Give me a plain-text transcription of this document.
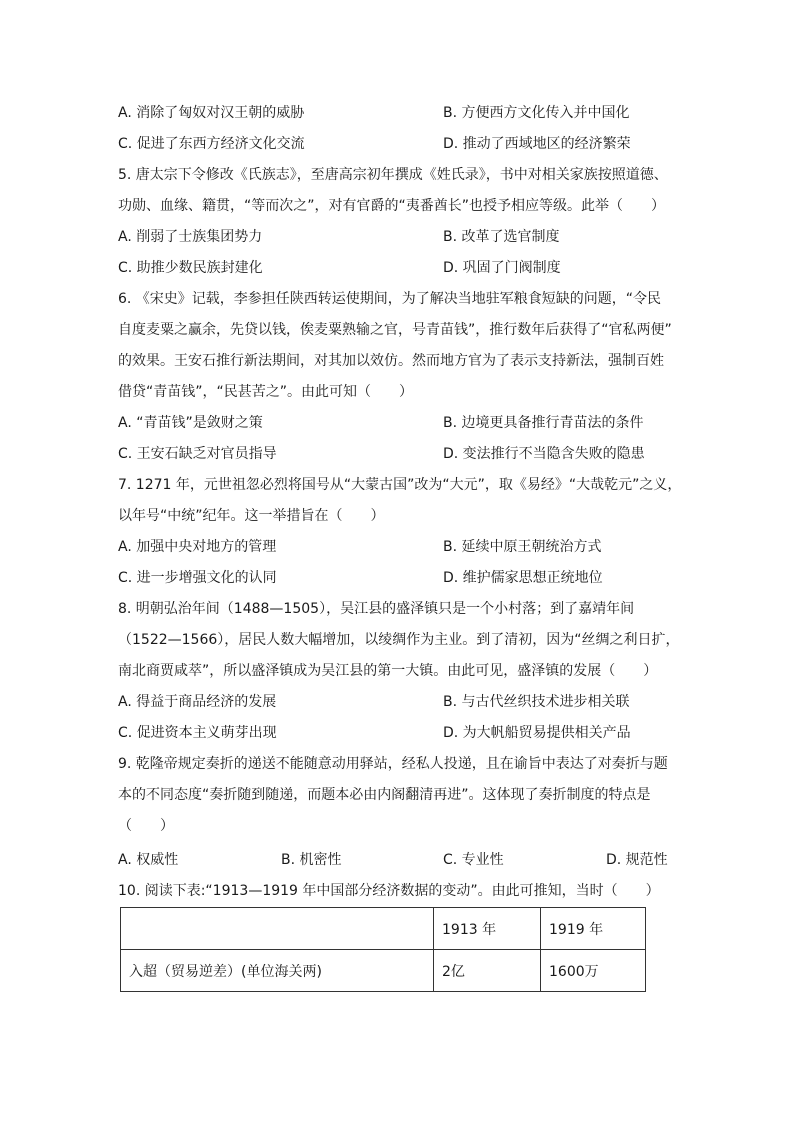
A. 消除了匈奴对汉王朝的威胁	B. 方便西方文化传入并中国化
C. 促进了东西方经济文化交流	D. 推动了西域地区的经济繁荣
5. 唐太宗下令修改《氏族志》，至唐高宗初年撰成《姓氏录》，书中对相关家族按照道德、
功勋、血缘、籍贯，“等而次之”，对有官爵的“夷番酋长”也授予相应等级。此举（　　）
A. 削弱了士族集团势力	B. 改革了选官制度
C. 助推少数民族封建化	D. 巩固了门阀制度
6. 《宋史》记载，李参担任陕西转运使期间，为了解决当地驻军粮食短缺的问题，“令民
自度麦粟之赢余，先贷以钱，俟麦粟熟输之官，号青苗钱”，推行数年后获得了“官私两便”
的效果。王安石推行新法期间，对其加以效仿。然而地方官为了表示支持新法，强制百姓
借贷“青苗钱”，“民甚苦之”。由此可知（　　）
A. “青苗钱”是敛财之策	B. 边境更具备推行青苗法的条件
C. 王安石缺乏对官员指导	D. 变法推行不当隐含失败的隐患
7. 1271 年，元世祖忽必烈将国号从“大蒙古国”改为“大元”，取《易经》“大哉乾元”之义，
以年号“中统”纪年。这一举措旨在（　　）
A. 加强中央对地方的管理	B. 延续中原王朝统治方式
C. 进一步增强文化的认同	D. 维护儒家思想正统地位
8. 明朝弘治年间（1488—1505），吴江县的盛泽镇只是一个小村落；到了嘉靖年间
（1522—1566），居民人数大幅增加，以绫绸作为主业。到了清初，因为“丝绸之利日扩，
南北商贾咸萃”，所以盛泽镇成为吴江县的第一大镇。由此可见，盛泽镇的发展（　　）
A. 得益于商品经济的发展	B. 与古代丝织技术进步相关联
C. 促进资本主义萌芽出现	D. 为大帆船贸易提供相关产品
9. 乾隆帝规定奏折的递送不能随意动用驿站，经私人投递，且在谕旨中表达了对奏折与题
本的不同态度“奏折随到随递，而题本必由内阁翻清再进”。这体现了奏折制度的特点是
（　　）
A. 权威性	B. 机密性	C. 专业性	D. 规范性
10. 阅读下表:“1913—1919 年中国部分经济数据的变动”。由此可推知，当时（　　）
	1913 年	1919 年
入超（贸易逆差）(单位海关两)	2亿	1600万
